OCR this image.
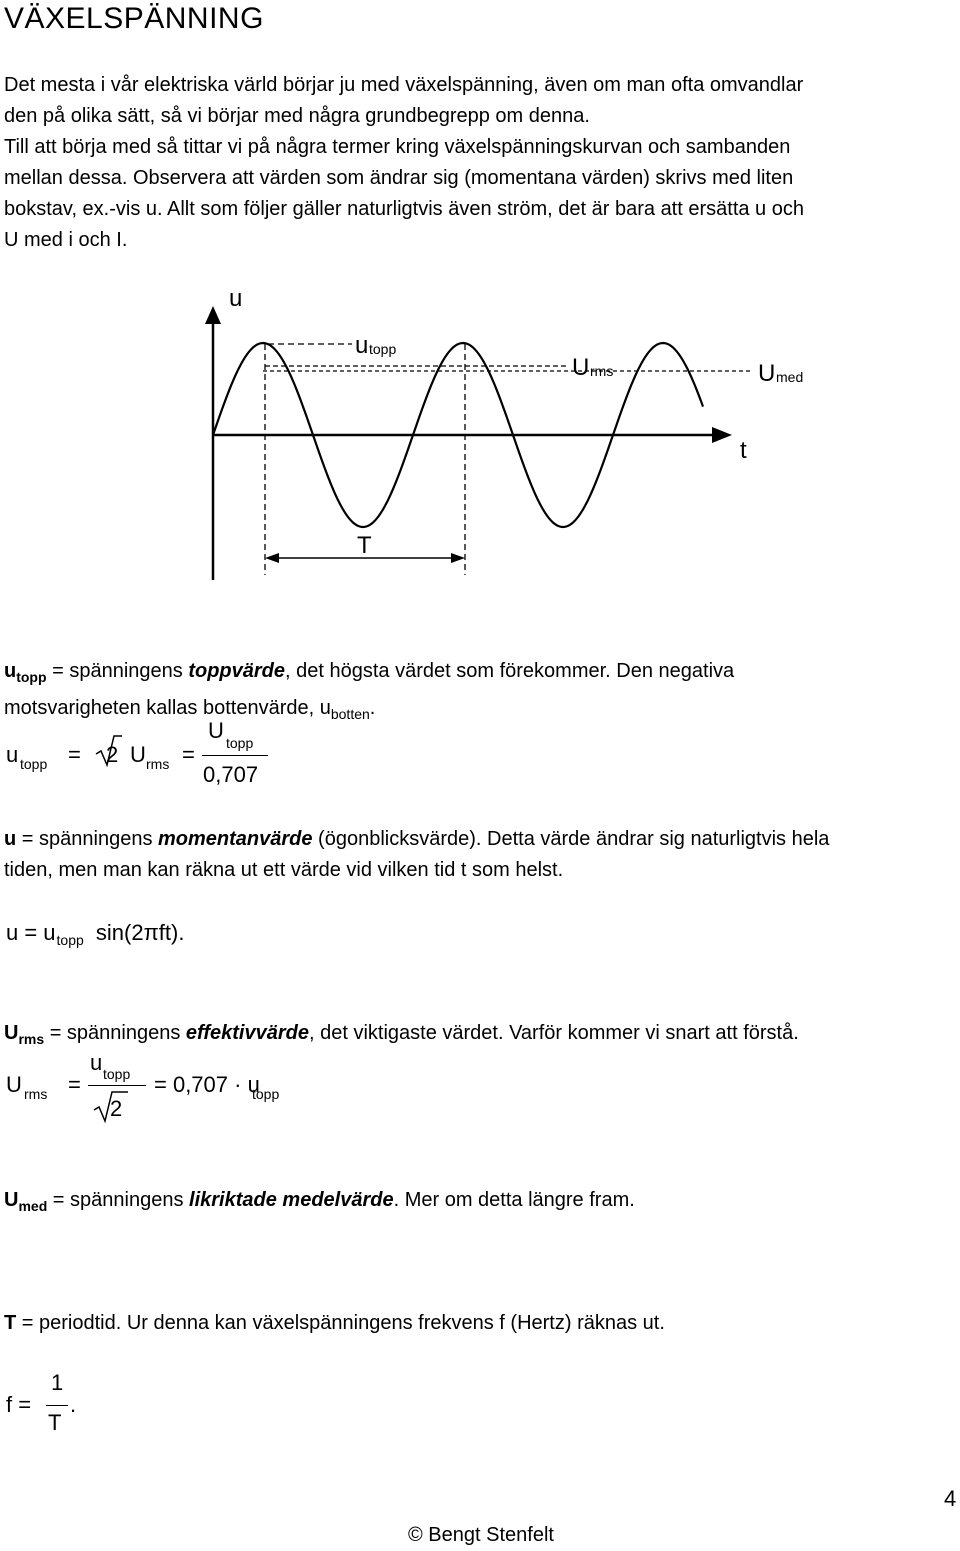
VÄXELSPÄNNING
Det mesta i vår elektriska värld börjar ju med växelspänning, även om man ofta omvandlar
den på olika sätt, så vi börjar med några grundbegrepp om denna.
Till att börja med så tittar vi på några termer kring växelspänningskurvan och sambanden
mellan dessa. Observera att värden som ändrar sig (momentana värden) skrivs med liten
bokstav, ex.-vis u. Allt som följer gäller naturligtvis även ström, det är bara att ersätta u och
U med i och I.
u
u topp
U rms	U med
t
T
$u_{topp}$ = spänningens toppvärde, det högsta värdet som förekommer. Den negativa
motsvarigheten kallas bottenvärde, $u_{botten}$.
u topp = 2 U rms =
U topp
0,707
u = spänningens momentanvärde (ögonblicksvärde). Detta värde ändrar sig naturligtvis hela
tiden, men man kan räkna ut ett värde vid vilken tid t som helst.
$u = u_{topp}$ sin(2πft).
$U_{rms}$ = spänningens effektivvärde, det viktigaste värdet. Varför kommer vi snart att förstå.
U rms =
u topp
2
= 0,707 · u
topp
$U_{med}$ = spänningens likriktade medelvärde. Mer om detta längre fram.
T = periodtid. Ur denna kan växelspänningens frekvens f (Hertz) räknas ut.
f =
1
T
.
4
© Bengt Stenfelt
